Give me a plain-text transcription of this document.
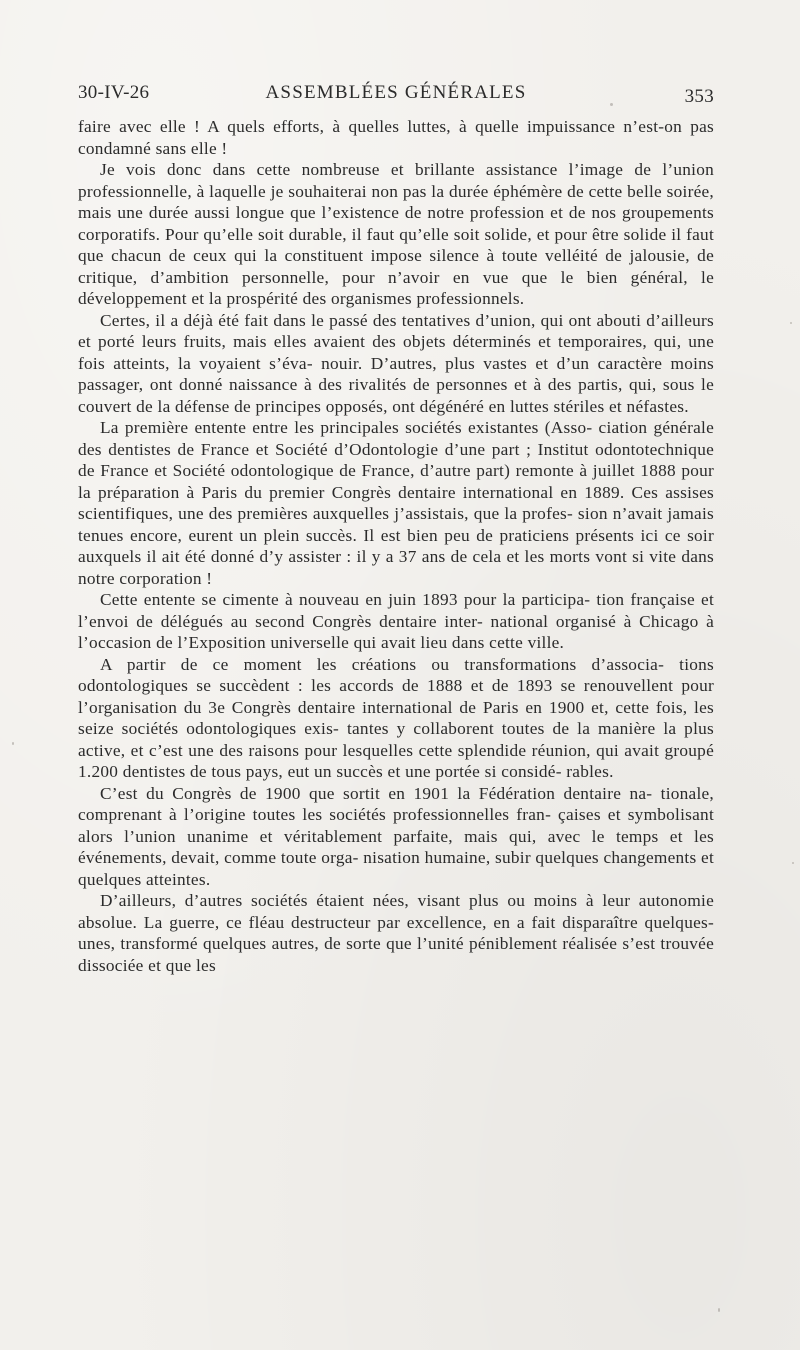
30-IV-26	ASSEMBLÉES GÉNÉRALES	353

faire avec elle ! A quels efforts, à quelles luttes, à quelle impuissance n’est-on pas condamné sans elle !

Je vois donc dans cette nombreuse et brillante assistance l’image de l’union professionnelle, à laquelle je souhaiterai non pas la durée éphémère de cette belle soirée, mais une durée aussi longue que l’existence de notre profession et de nos groupements corporatifs. Pour qu’elle soit durable, il faut qu’elle soit solide, et pour être solide il faut que chacun de ceux qui la constituent impose silence à toute velléité de jalousie, de critique, d’ambition personnelle, pour n’avoir en vue que le bien général, le développement et la prospérité des organismes professionnels.

Certes, il a déjà été fait dans le passé des tentatives d’union, qui ont abouti d’ailleurs et porté leurs fruits, mais elles avaient des objets déterminés et temporaires, qui, une fois atteints, la voyaient s’éva- nouir. D’autres, plus vastes et d’un caractère moins passager, ont donné naissance à des rivalités de personnes et à des partis, qui, sous le couvert de la défense de principes opposés, ont dégénéré en luttes stériles et néfastes.

La première entente entre les principales sociétés existantes (Asso- ciation générale des dentistes de France et Société d’Odontologie d’une part ; Institut odontotechnique de France et Société odontologique de France, d’autre part) remonte à juillet 1888 pour la préparation à Paris du premier Congrès dentaire international en 1889. Ces assises scientifiques, une des premières auxquelles j’assistais, que la profes- sion n’avait jamais tenues encore, eurent un plein succès. Il est bien peu de praticiens présents ici ce soir auxquels il ait été donné d’y assister : il y a 37 ans de cela et les morts vont si vite dans notre corporation !

Cette entente se cimente à nouveau en juin 1893 pour la participa- tion française et l’envoi de délégués au second Congrès dentaire inter- national organisé à Chicago à l’occasion de l’Exposition universelle qui avait lieu dans cette ville.

A partir de ce moment les créations ou transformations d’associa- tions odontologiques se succèdent : les accords de 1888 et de 1893 se renouvellent pour l’organisation du 3e Congrès dentaire international de Paris en 1900 et, cette fois, les seize sociétés odontologiques exis- tantes y collaborent toutes de la manière la plus active, et c’est une des raisons pour lesquelles cette splendide réunion, qui avait groupé 1.200 dentistes de tous pays, eut un succès et une portée si considé- rables.

C’est du Congrès de 1900 que sortit en 1901 la Fédération dentaire na- tionale, comprenant à l’origine toutes les sociétés professionnelles fran- çaises et symbolisant alors l’union unanime et véritablement parfaite, mais qui, avec le temps et les événements, devait, comme toute orga- nisation humaine, subir quelques changements et quelques atteintes.

D’ailleurs, d’autres sociétés étaient nées, visant plus ou moins à leur autonomie absolue. La guerre, ce fléau destructeur par excellence, en a fait disparaître quelques-unes, transformé quelques autres, de sorte que l’unité péniblement réalisée s’est trouvée dissociée et que les
